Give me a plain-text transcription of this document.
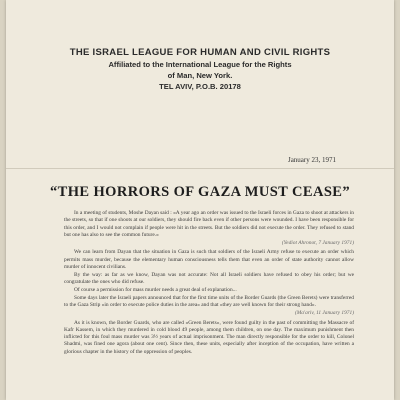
THE ISRAEL LEAGUE FOR HUMAN AND CIVIL RIGHTS
Affiliated to the International League for the Rights
of Man, New York.
TEL AVIV, P.O.B. 20178
January 23, 1971
“THE HORRORS OF GAZA MUST CEASE”

In a meeting of students, Moshe Dayan said : «A year ago an order was issued to the Israeli forces in Gaza to shoot at attackers in the streets, so that if one shoots at our soldiers, they should fire back even if other persons were wounded. I have been responsible for this order, and I would not complain if people were hit in the streets. But the soldiers did not execute the order. They refused to stand but one has also to see the common future.»

(Yediot Ahronot, 7 January 1971)

We can learn from Dayan that the situation in Gaza is such that soldiers of the Israeli Army refuse to execute an order which permits mass murder, because the elementary human consciousness tells them that even an order of state authority cannot allow murder of innocent civilians.

By the way: as far as we know, Dayan was not accurate: Not all Israeli soldiers have refused to obey his order; but we congratulate the ones who did refuse.

Of course a permission for mass murder needs a great deal of explanation...

Some days later the Israeli papers announced that for the first time units of the Border Guards (the Green Berets) were transferred to the Gaza Strip «in order to execute police duties in the area» and that «they are well known for their strong hand».

(Ma'ariv, 11 January 1971)

As it is known, the Border Guards, who are called «Green Berets», were found guilty in the past of committing the Massacre of Kafr Kassem, in which they murdered in cold blood 49 people, among them children, on one day. The maximum punishment then inflicted for this foul mass murder was 3½ years of actual imprisonment. The man directly responsible for the order to kill, Colonel Shadmi, was fined one agora (about one cent). Since then, these units, especially after inception of the occupation, have written a glorious chapter in the history of the oppression of peoples.
